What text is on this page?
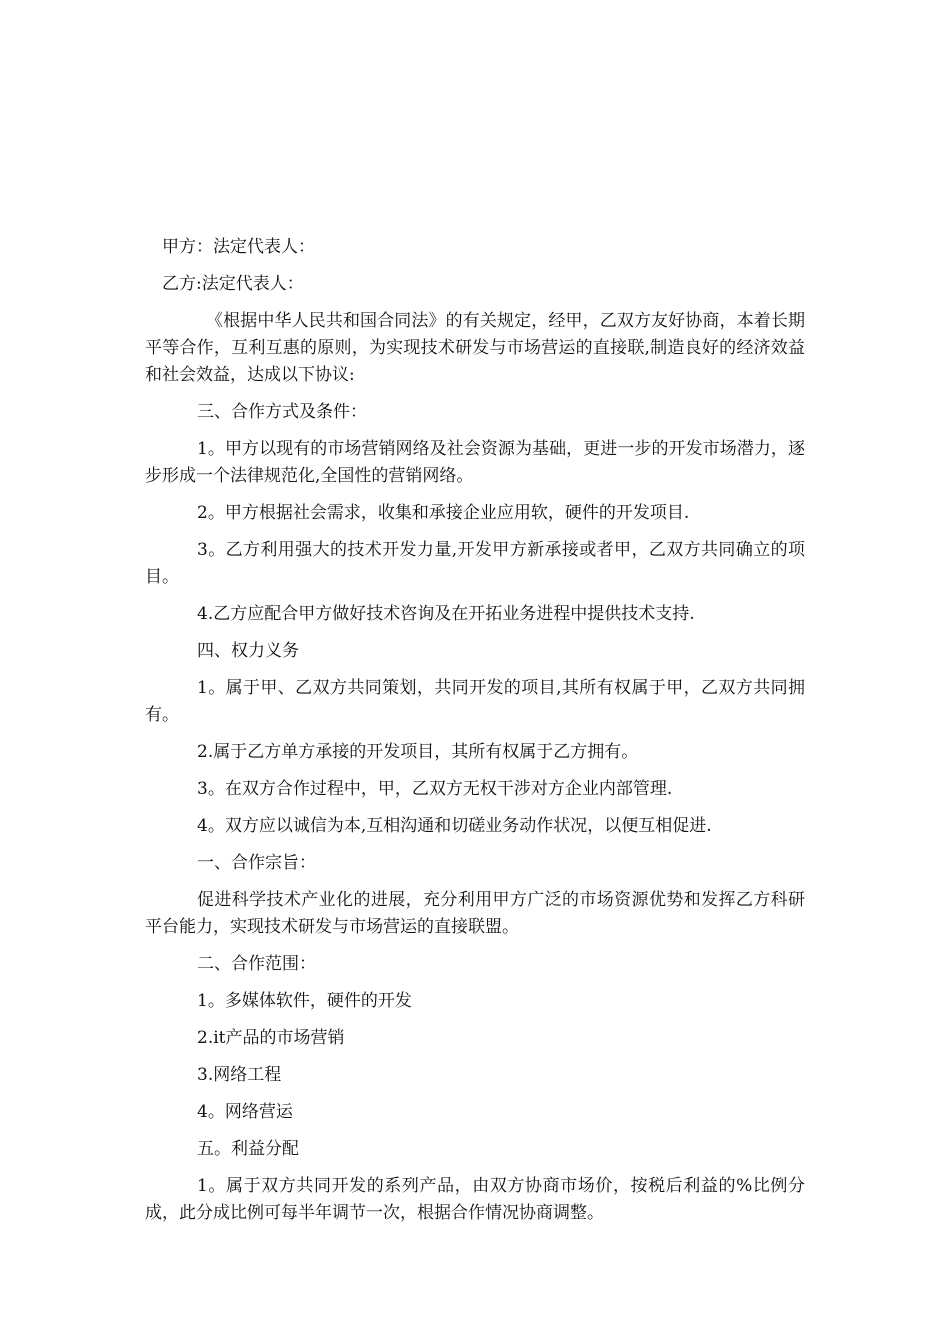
甲方：法定代表人：

乙方:法定代表人：

《根据中华人民共和国合同法》的有关规定，经甲，乙双方友好协商，本着长期平等合作，互利互惠的原则，为实现技术研发与市场营运的直接联,制造良好的经济效益和社会效益，达成以下协议:

三、合作方式及条件：

1。甲方以现有的市场营销网络及社会资源为基础，更进一步的开发市场潜力，逐步形成一个法律规范化,全国性的营销网络。

2。甲方根据社会需求，收集和承接企业应用软，硬件的开发项目.

3。乙方利用强大的技术开发力量,开发甲方新承接或者甲，乙双方共同确立的项目。

4.乙方应配合甲方做好技术咨询及在开拓业务进程中提供技术支持.

四、权力义务

1。属于甲、乙双方共同策划，共同开发的项目,其所有权属于甲，乙双方共同拥有。

2.属于乙方单方承接的开发项目，其所有权属于乙方拥有。

3。在双方合作过程中，甲，乙双方无权干涉对方企业内部管理.

4。双方应以诚信为本,互相沟通和切磋业务动作状况，以便互相促进.

一、合作宗旨：

促进科学技术产业化的进展，充分利用甲方广泛的市场资源优势和发挥乙方科研平台能力，实现技术研发与市场营运的直接联盟。

二、合作范围：

1。多媒体软件，硬件的开发

2.it产品的市场营销

3.网络工程

4。网络营运

五。利益分配

1。属于双方共同开发的系列产品，由双方协商市场价，按税后利益的%比例分成，此分成比例可每半年调节一次，根据合作情况协商调整。
